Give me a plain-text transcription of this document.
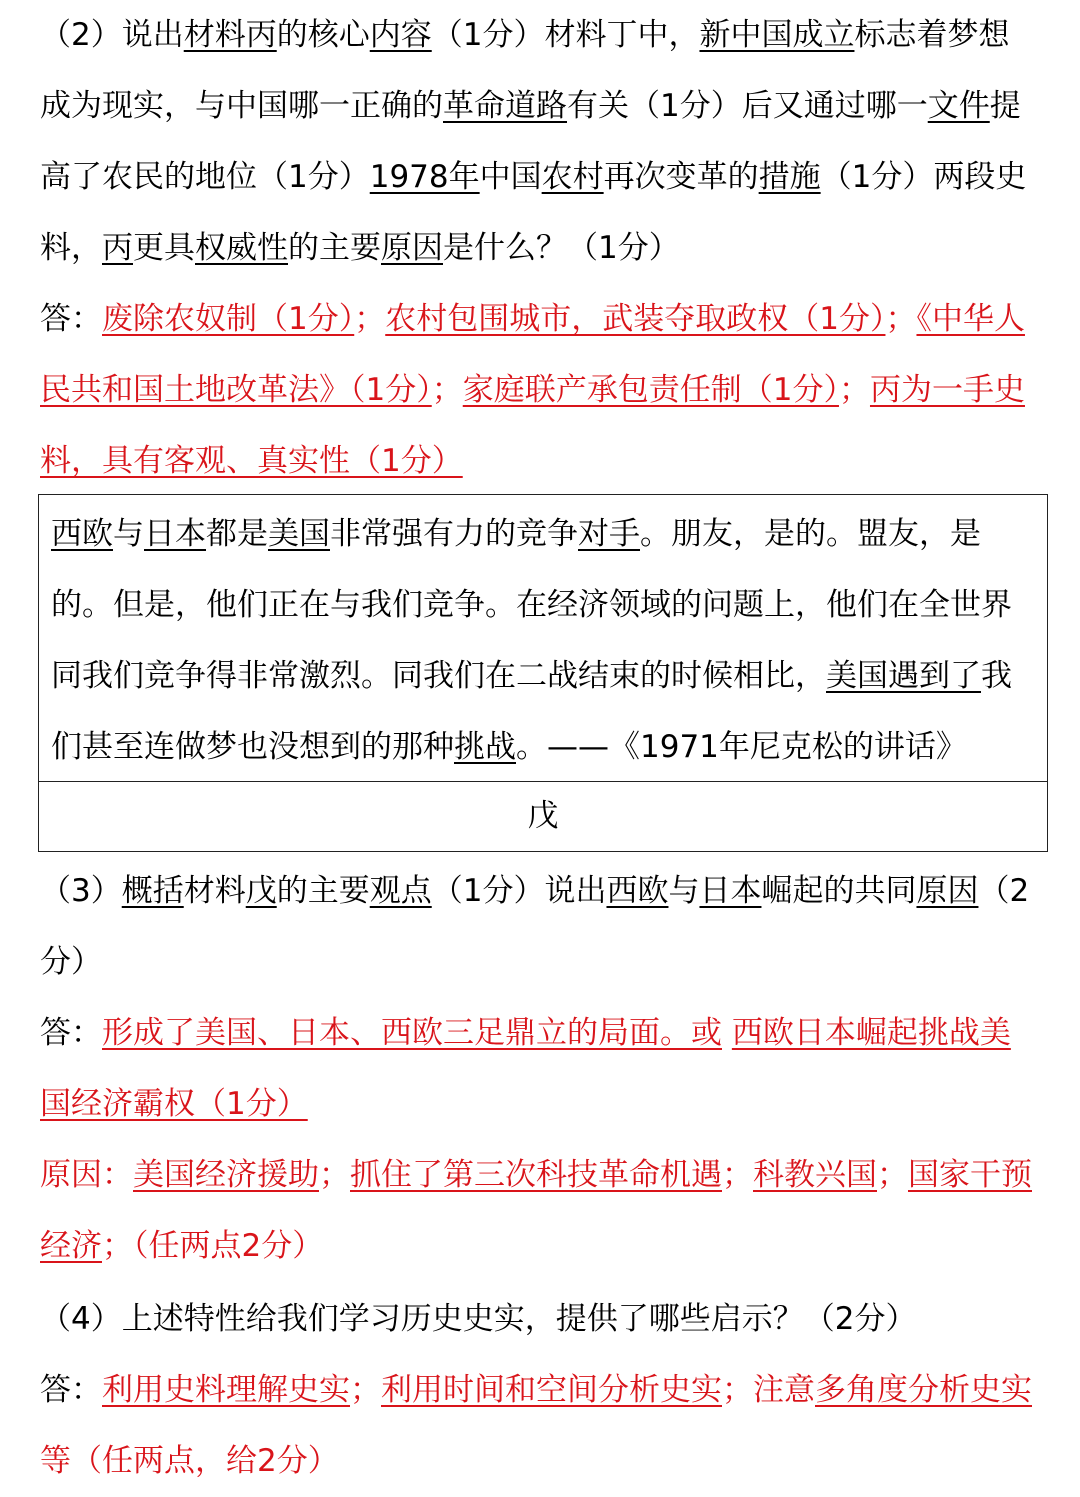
（2）说出材料丙的核心内容（1分）材料丁中，新中国成立标志着梦想成为现实，与中国哪一正确的革命道路有关（1分）后又通过哪一文件提高了农民的地位（1分）1978年中国农村再次变革的措施（1分）两段史料，丙更具权威性的主要原因是什么？（1分）
答：废除农奴制（1分）；农村包围城市，武装夺取政权（1分）；《中华人民共和国土地改革法》（1分）；家庭联产承包责任制（1分）；丙为一手史料，具有客观、真实性（1分）
西欧与日本都是美国非常强有力的竞争对手。朋友，是的。盟友，是的。但是，他们正在与我们竞争。在经济领域的问题上，他们在全世界同我们竞争得非常激烈。同我们在二战结束的时候相比，美国遇到了我们甚至连做梦也没想到的那种挑战。——《1971年尼克松的讲话》
戊
（3）概括材料戊的主要观点（1分）说出西欧与日本崛起的共同原因（2分）
答：形成了美国、日本、西欧三足鼎立的局面。或 西欧日本崛起挑战美国经济霸权（1分）
原因：美国经济援助；抓住了第三次科技革命机遇；科教兴国；国家干预经济；（任两点2分）
（4）上述特性给我们学习历史史实，提供了哪些启示？（2分）
答：利用史料理解史实；利用时间和空间分析史实；注意多角度分析史实等（任两点，给2分）
